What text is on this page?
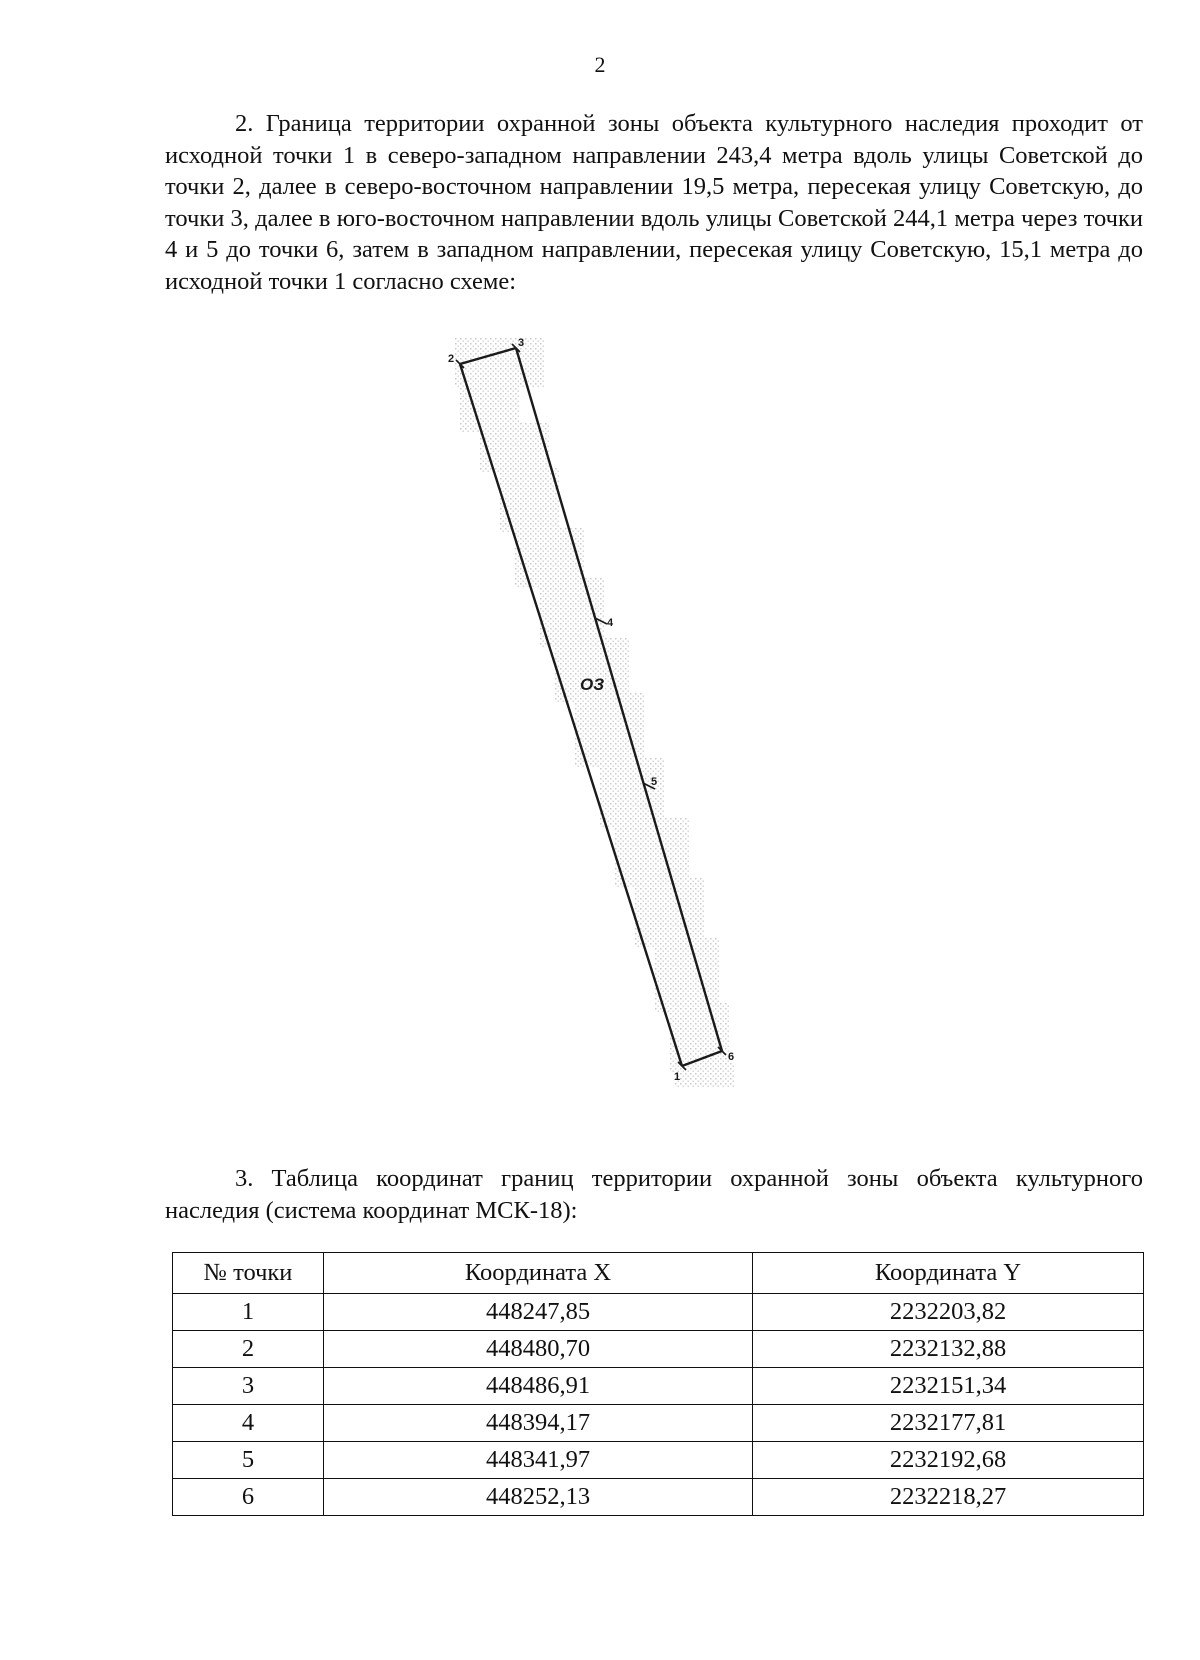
2

2. Граница территории охранной зоны объекта культурного наследия проходит от исходной точки 1 в северо-западном направлении 243,4 метра вдоль улицы Советской до точки 2, далее в северо-восточном направлении 19,5 метра, пересекая улицу Советскую, до точки 3, далее в юго-восточном направлении вдоль улицы Советской 244,1 метра через точки 4 и 5 до точки 6, затем в западном направлении, пересекая улицу Советскую, 15,1 метра до исходной точки 1 согласно схеме:

2
3
4
5
6
1
ОЗ

3. Таблица координат границ территории охранной зоны объекта культурного наследия (система координат МСК-18):

№ точки	Координата X	Координата Y
1	448247,85	2232203,82
2	448480,70	2232132,88
3	448486,91	2232151,34
4	448394,17	2232177,81
5	448341,97	2232192,68
6	448252,13	2232218,27
